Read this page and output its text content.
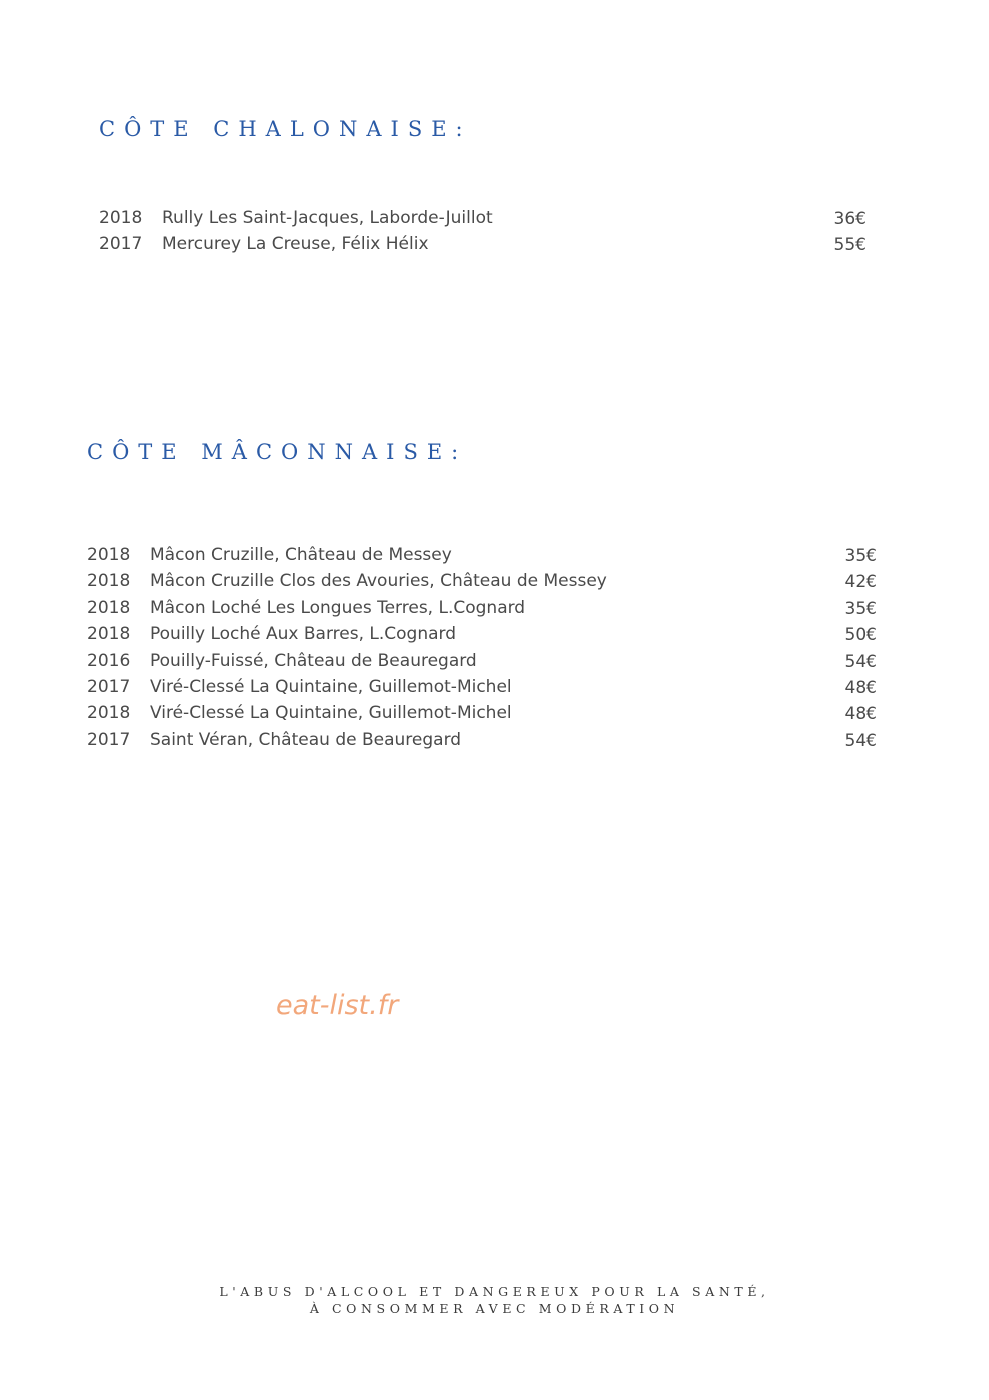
CÔTE CHALONAISE:
2018 Rully Les Saint-Jacques, Laborde-Juillot	36€
2017 Mercurey La Creuse, Félix Hélix	55€
CÔTE MÂCONNAISE:
2018 Mâcon Cruzille, Château de Messey	35€
2018 Mâcon Cruzille Clos des Avouries, Château de Messey	42€
2018 Mâcon Loché Les Longues Terres, L.Cognard	35€
2018 Pouilly Loché Aux Barres, L.Cognard	50€
2016 Pouilly-Fuissé, Château de Beauregard	54€
2017 Viré-Clessé La Quintaine, Guillemot-Michel	48€
2018 Viré-Clessé La Quintaine, Guillemot-Michel	48€
2017 Saint Véran, Château de Beauregard	54€
eat-list.fr
L'ABUS D'ALCOOL ET DANGEREUX POUR LA SANTÉ,
À CONSOMMER AVEC MODÉRATION
